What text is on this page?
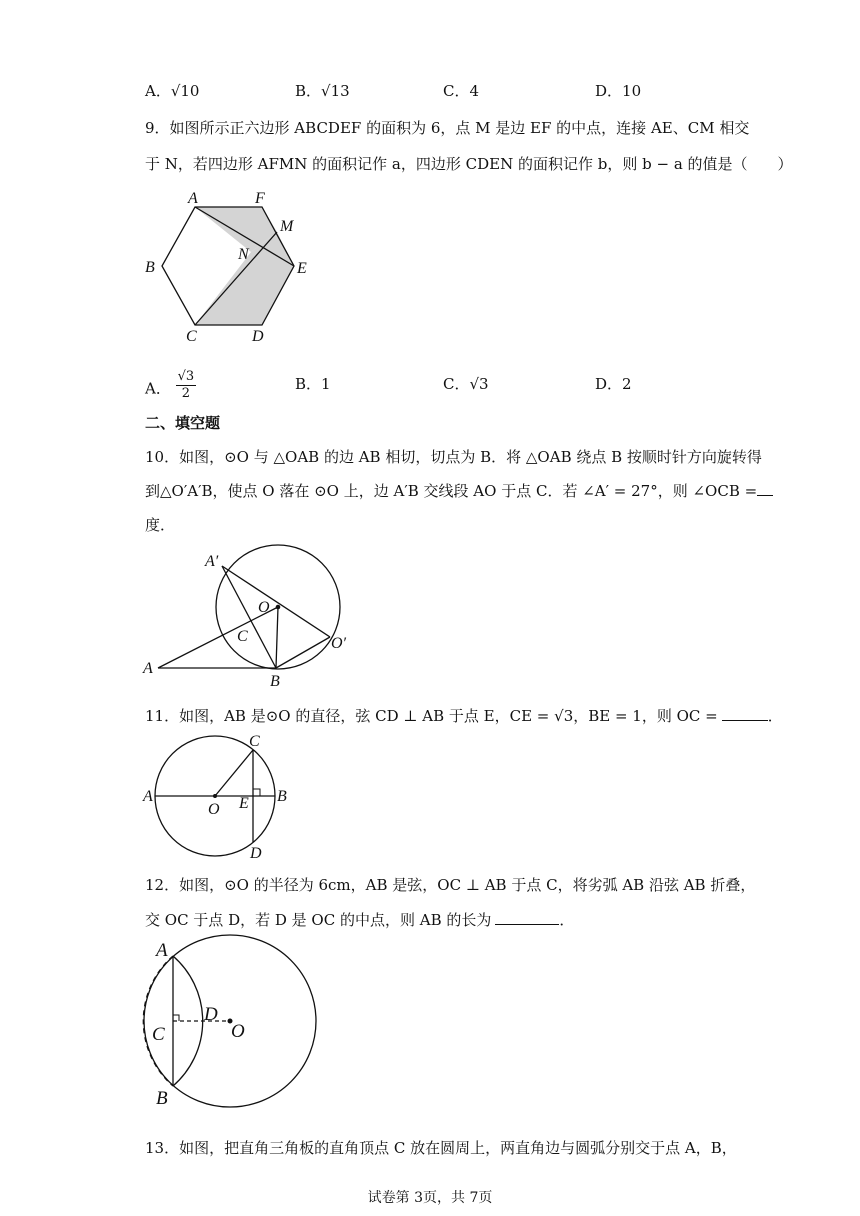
A．√10	B．√13	C．4	D．10
9．如图所示正六边形 ABCDEF 的面积为 6，点 M 是边 EF 的中点，连接 AE、CM 相交
于 N，若四边形 AFMN 的面积记作 a，四边形 CDEN 的面积记作 b，则 b − a 的值是（　　）
A	F
M
N
B	E
C	D
A． $\frac{√3}{2}$	B．1	C．√3	D．2
二、填空题
10．如图，⊙O 与 △OAB 的边 AB 相切，切点为 B．将 △OAB 绕点 B 按顺时针方向旋转得
到△O′A′B，使点 O 落在 ⊙O 上，边 A′B 交线段 AO 于点 C．若 ∠A′ = 27°，则 ∠OCB =
度．
A′
O
C	O′
A
B
11．如图，AB 是⊙O 的直径，弦 CD ⊥ AB 于点 E，CE = √3，BE = 1，则 OC =	．
C
A
O E B
D
12．如图，⊙O 的半径为 6cm，AB 是弦，OC ⊥ AB 于点 C，将劣弧 AB 沿弦 AB 折叠，
交 OC 于点 D，若 D 是 OC 的中点，则 AB 的长为	．
A
C
D
O
B
13．如图，把直角三角板的直角顶点 C 放在圆周上，两直角边与圆弧分别交于点 A，B，
试卷第 3页，共 7页
